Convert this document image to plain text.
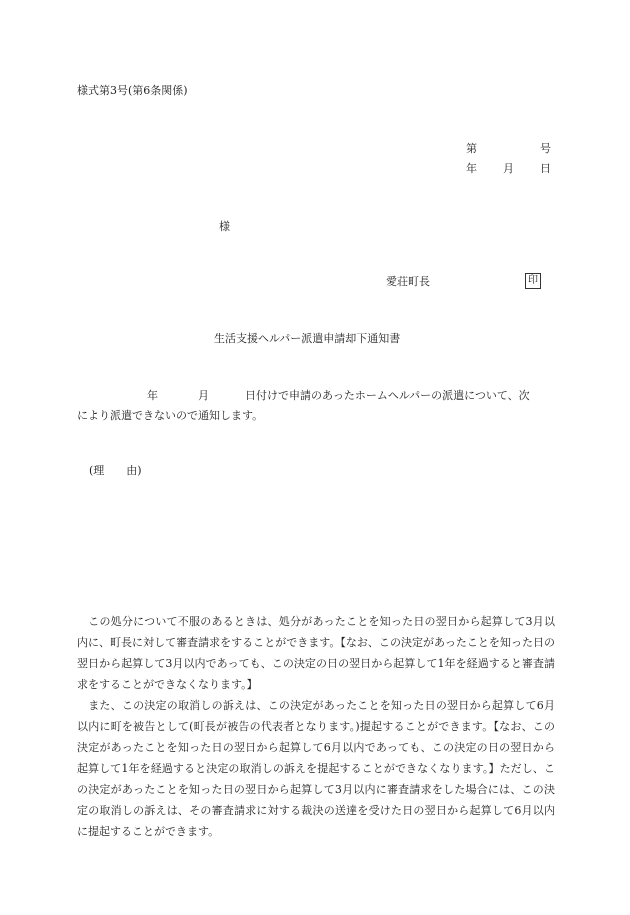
様式第3号(第6条関係)
第	号
年 月 日
様
愛荘町長	印
生活支援ヘルパー派遣申請却下通知書
年	月	日付けで申請のあったホームヘルパーの派遣について、次
により派遣できないので通知します。
(理　　由)
　この処分について不服のあるときは、処分があったことを知った日の翌日から起算して3月以内に、町長に対して審査請求をすることができます。【なお、この決定があったことを知った日の翌日から起算して3月以内であっても、この決定の日の翌日から起算して1年を経過すると審査請求をすることができなくなります。】
　また、この決定の取消しの訴えは、この決定があったことを知った日の翌日から起算して6月以内に町を被告として(町長が被告の代表者となります。)提起することができます。【なお、この決定があったことを知った日の翌日から起算して6月以内であっても、この決定の日の翌日から起算して1年を経過すると決定の取消しの訴えを提起することができなくなります。】ただし、この決定があったことを知った日の翌日から起算して3月以内に審査請求をした場合には、この決定の取消しの訴えは、その審査請求に対する裁決の送達を受けた日の翌日から起算して6月以内に提起することができます。
